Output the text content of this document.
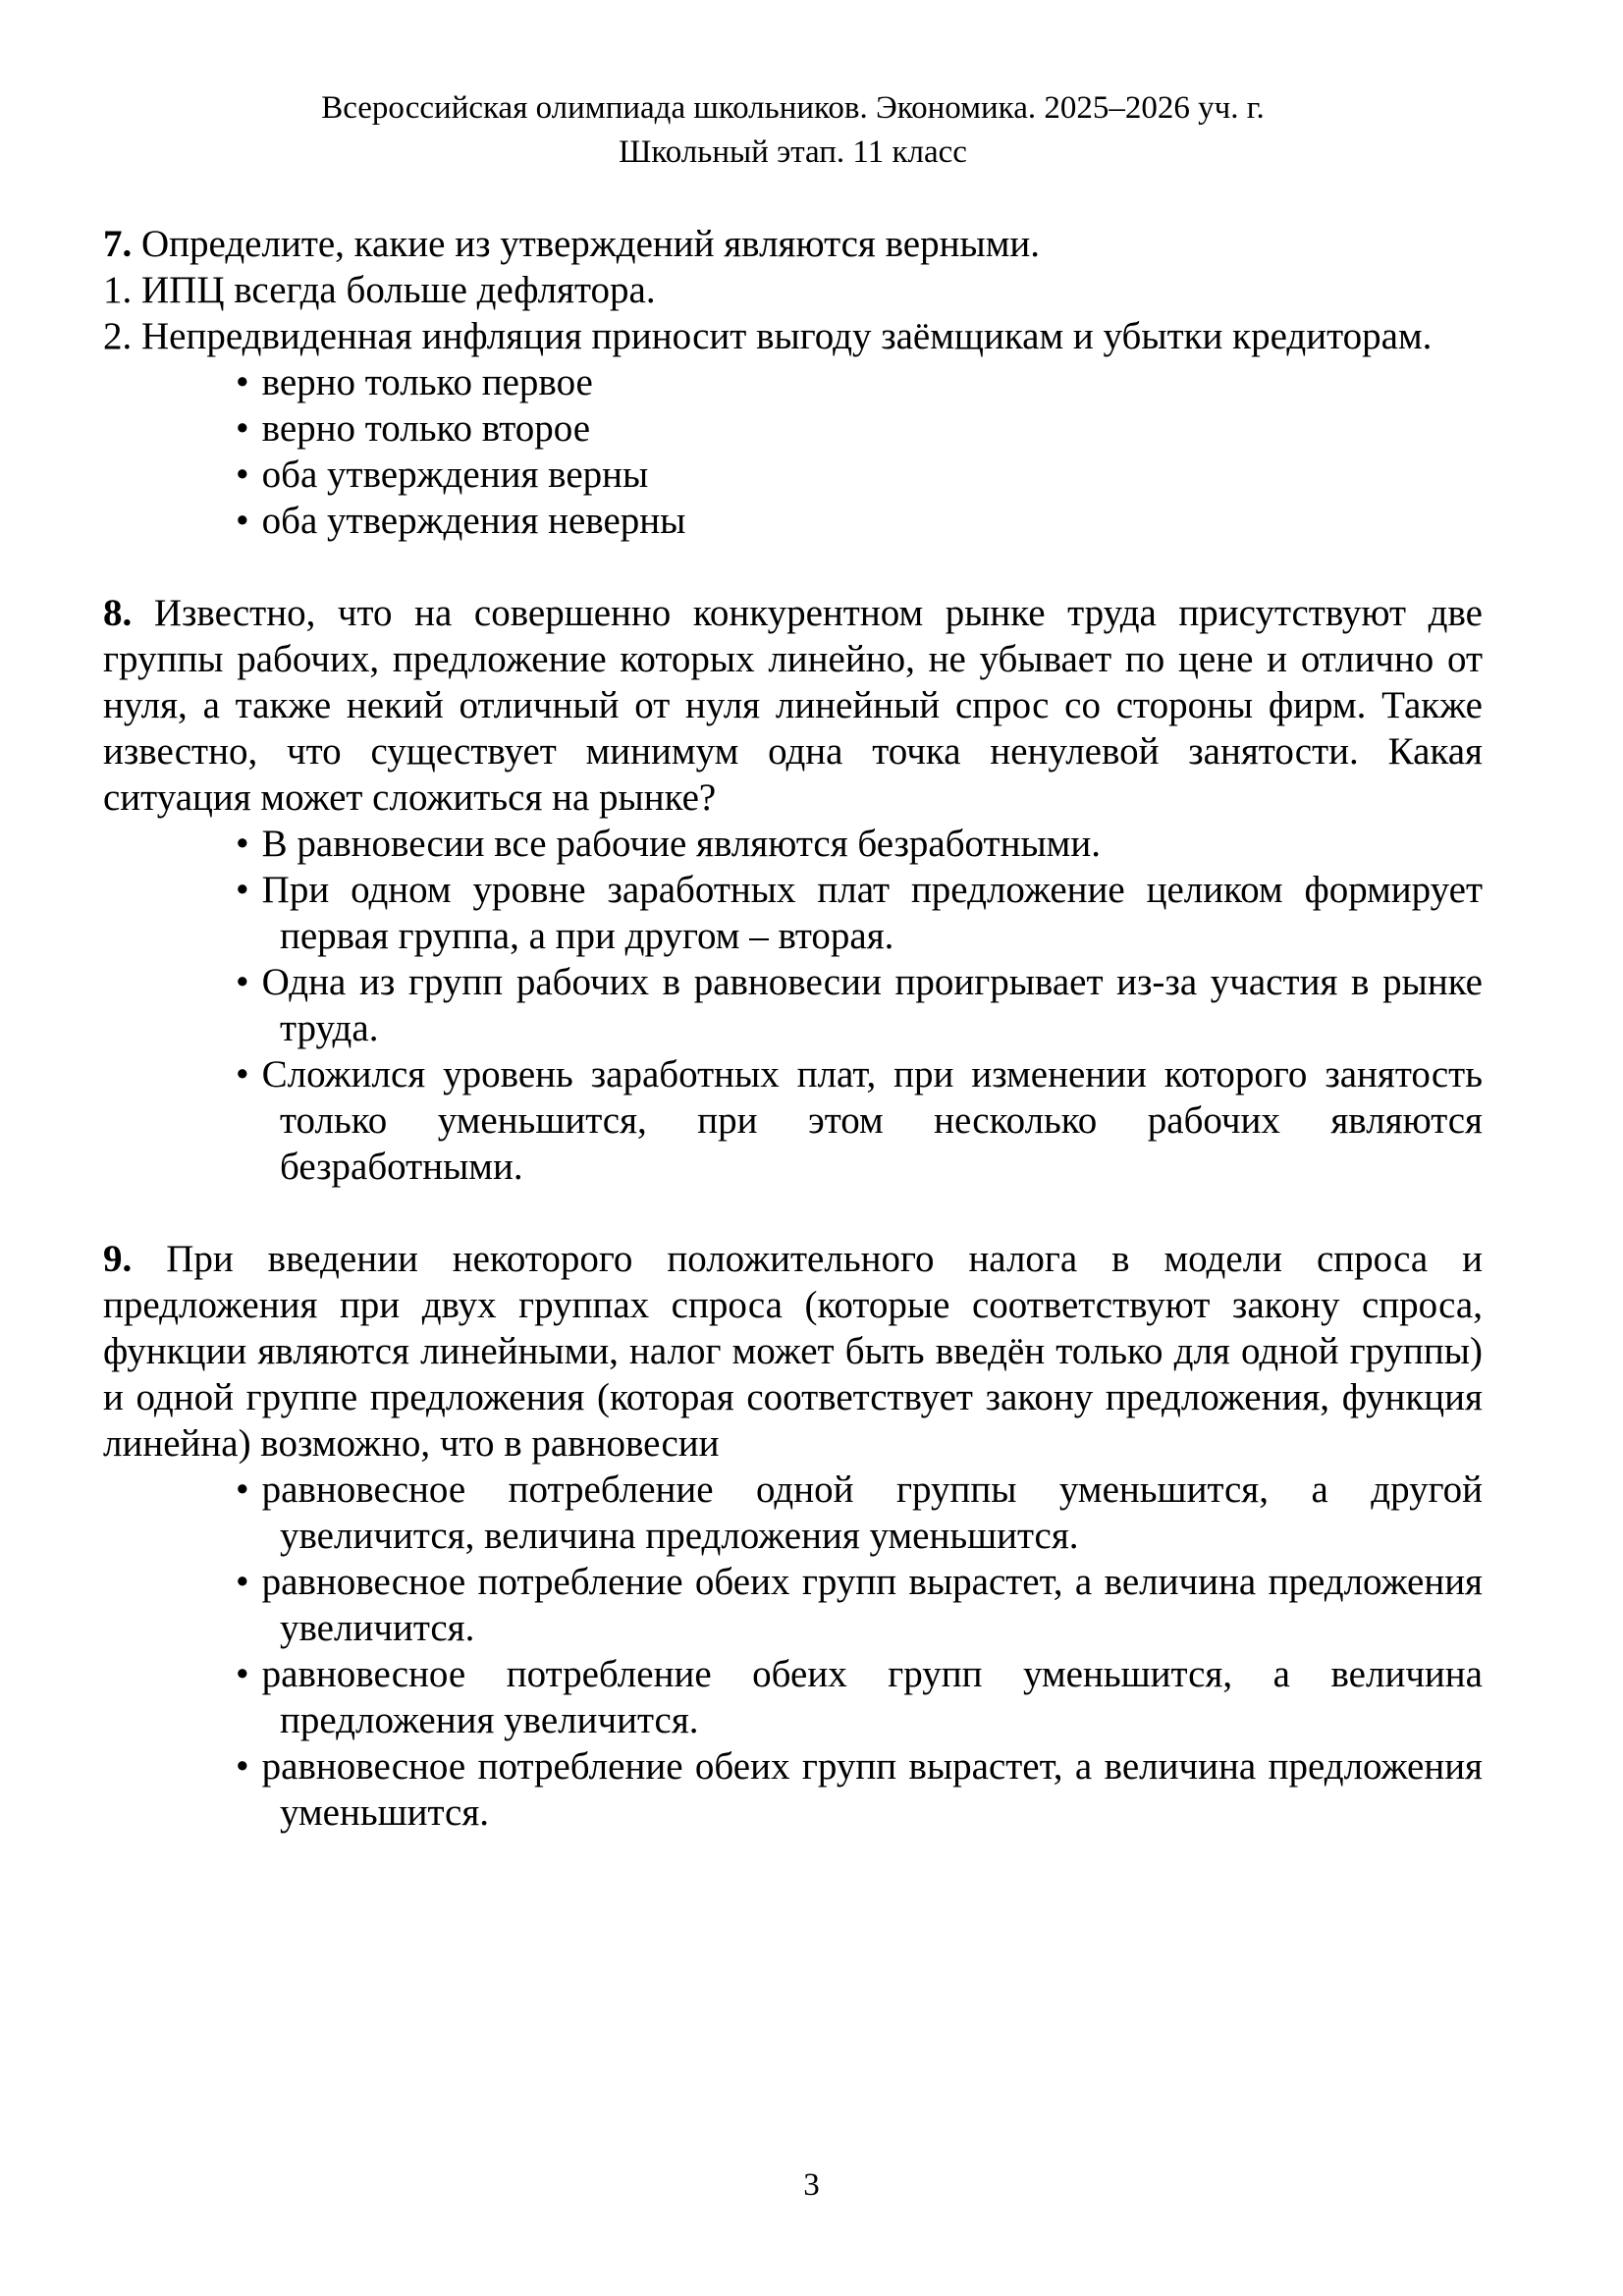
Всероссийская олимпиада школьников. Экономика. 2025–2026 уч. г.
Школьный этап. 11 класс

7. Определите, какие из утверждений являются верными.

1. ИПЦ всегда больше дефлятора.

2. Непредвиденная инфляция приносит выгоду заёмщикам и убытки кредиторам.

• верно только первое
• верно только второе
• оба утверждения верны
• оба утверждения неверны

8. Известно, что на совершенно конкурентном рынке труда присутствуют две группы рабочих, предложение которых линейно, не убывает по цене и отлично от нуля, а также некий отличный от нуля линейный спрос со стороны фирм. Также известно, что существует минимум одна точка ненулевой занятости. Какая ситуация может сложиться на рынке?

• В равновесии все рабочие являются безработными.
• При одном уровне заработных плат предложение целиком формирует первая группа, а при другом – вторая.
• Одна из групп рабочих в равновесии проигрывает из-за участия в рынке труда.
• Сложился уровень заработных плат, при изменении которого занятость только уменьшится, при этом несколько рабочих являются безработными.

9. При введении некоторого положительного налога в модели спроса и предложения при двух группах спроса (которые соответствуют закону спроса, функции являются линейными, налог может быть введён только для одной группы) и одной группе предложения (которая соответствует закону предложения, функция линейна) возможно, что в равновесии

• равновесное потребление одной группы уменьшится, а другой увеличится, величина предложения уменьшится.
• равновесное потребление обеих групп вырастет, а величина предложения увеличится.
• равновесное потребление обеих групп уменьшится, а величина предложения увеличится.
• равновесное потребление обеих групп вырастет, а величина предложения уменьшится.
3
